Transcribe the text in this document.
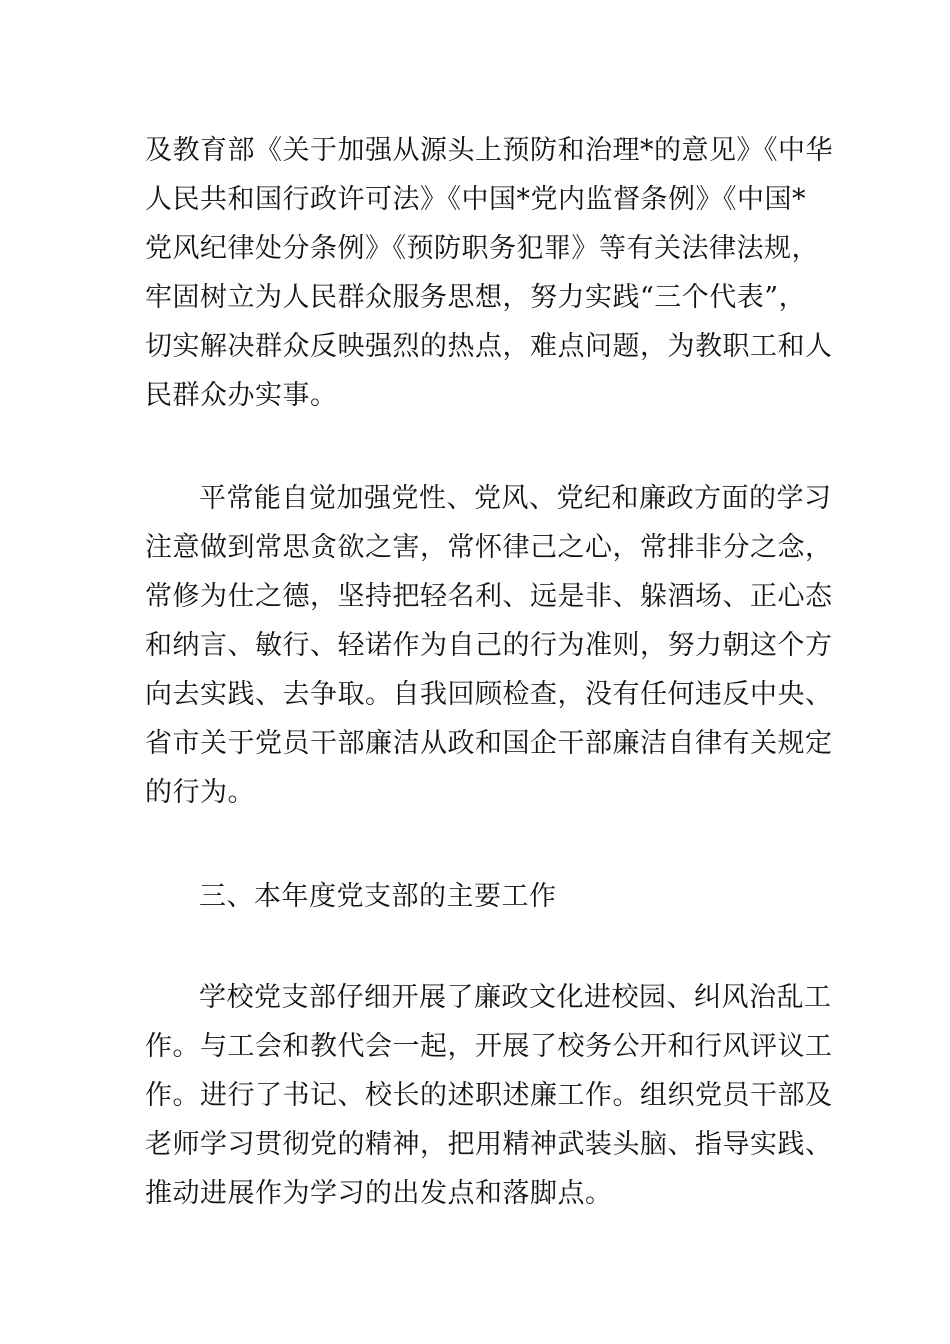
及教育部《关于加强从源头上预防和治理*的意见》《中华
人民共和国行政许可法》《中国*党内监督条例》《中国*
党风纪律处分条例》《预防职务犯罪》等有关法律法规，
牢固树立为人民群众服务思想，努力实践“三个代表”，
切实解决群众反映强烈的热点，难点问题，为教职工和人
民群众办实事。
平常能自觉加强党性、党风、党纪和廉政方面的学习
注意做到常思贪欲之害，常怀律己之心，常排非分之念，
常修为仕之德，坚持把轻名利、远是非、躲酒场、正心态
和纳言、敏行、轻诺作为自己的行为准则，努力朝这个方
向去实践、去争取。自我回顾检查，没有任何违反中央、
省市关于党员干部廉洁从政和国企干部廉洁自律有关规定
的行为。
三、本年度党支部的主要工作
学校党支部仔细开展了廉政文化进校园、纠风治乱工
作。与工会和教代会一起，开展了校务公开和行风评议工
作。进行了书记、校长的述职述廉工作。组织党员干部及
老师学习贯彻党的精神，把用精神武装头脑、指导实践、
推动进展作为学习的出发点和落脚点。
